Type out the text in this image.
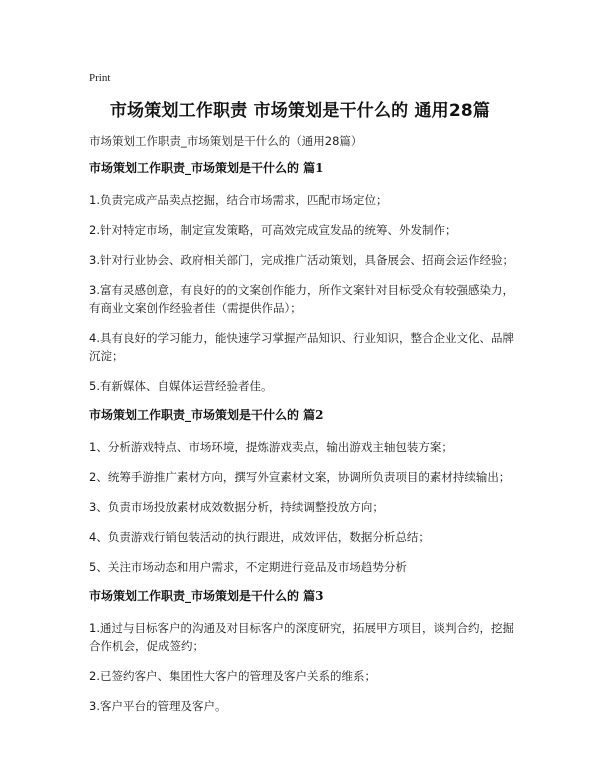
Print
市场策划工作职责 市场策划是干什么的 通用28篇
市场策划工作职责_市场策划是干什么的（通用28篇）
市场策划工作职责_市场策划是干什么的 篇1

1.负责完成产品卖点挖掘，结合市场需求，匹配市场定位；

2.针对特定市场，制定宣发策略，可高效完成宣发品的统筹、外发制作；

3.针对行业协会、政府相关部门，完成推广活动策划，具备展会、招商会运作经验；

3.富有灵感创意，有良好的的文案创作能力，所作文案针对目标受众有较强感染力，有商业文案创作经验者佳（需提供作品）；

4.具有良好的学习能力，能快速学习掌握产品知识、行业知识，整合企业文化、品牌沉淀；

5.有新媒体、自媒体运营经验者佳。

市场策划工作职责_市场策划是干什么的 篇2

1、分析游戏特点、市场环境，提炼游戏卖点，输出游戏主轴包装方案；

2、统筹手游推广素材方向，撰写外宣素材文案，协调所负责项目的素材持续输出；

3、负责市场投放素材成效数据分析，持续调整投放方向；

4、负责游戏行销包装活动的执行跟进，成效评估，数据分析总结；

5、关注市场动态和用户需求，不定期进行竞品及市场趋势分析

市场策划工作职责_市场策划是干什么的 篇3

1.通过与目标客户的沟通及对目标客户的深度研究，拓展甲方项目，谈判合约，挖掘合作机会，促成签约；

2.已签约客户、集团性大客户的管理及客户关系的维系；

3.客户平台的管理及客户。
